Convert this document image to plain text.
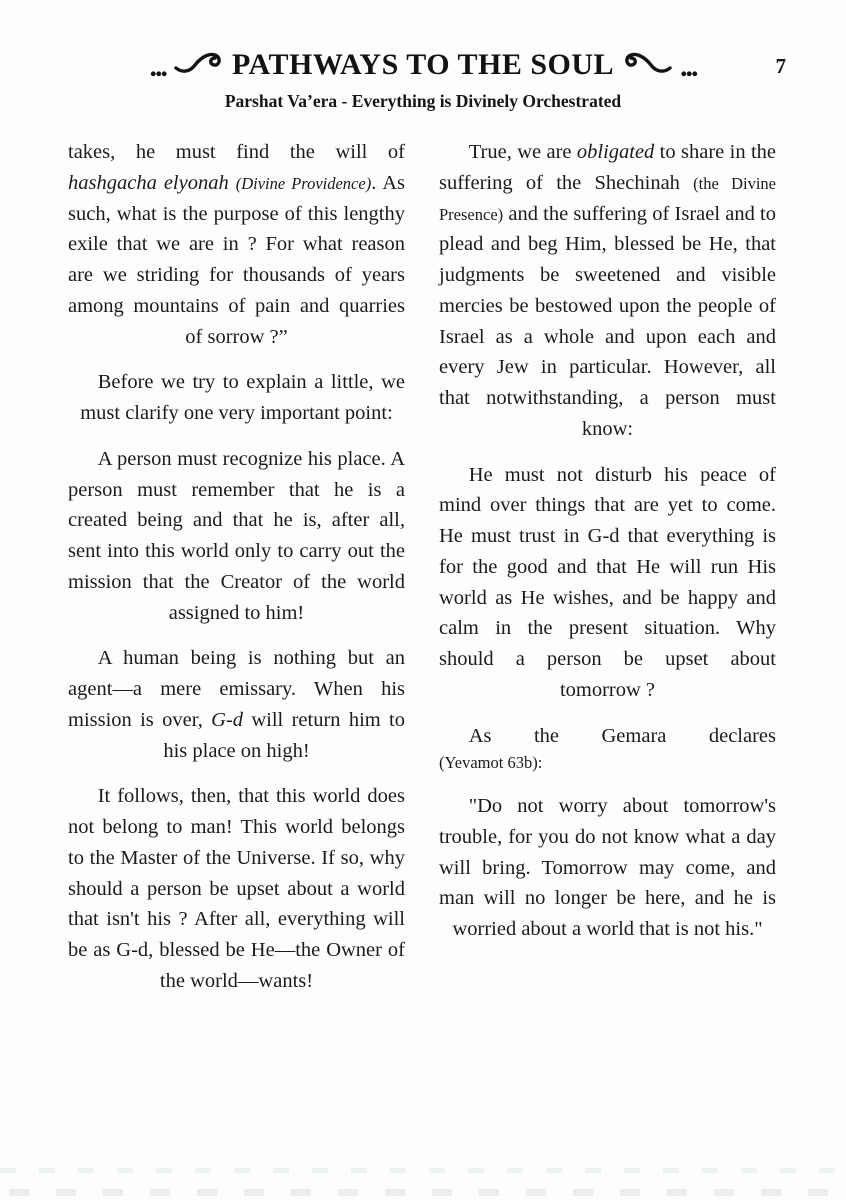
... PATHWAYS TO THE SOUL ...
Parshat Va’era - Everything is Divinely Orchestrated
7

takes, he must find the will of hashgacha elyonah (Divine Providence). As such, what is the purpose of this lengthy exile that we are in ? For what reason are we striding for thousands of years among mountains of pain and quarries of sorrow ?”

Before we try to explain a little, we must clarify one very important point:

A person must recognize his place. A person must remember that he is a created being and that he is, after all, sent into this world only to carry out the mission that the Creator of the world assigned to him!

A human being is nothing but an agent—a mere emissary. When his mission is over, G-d will return him to his place on high!

It follows, then, that this world does not belong to man! This world belongs to the Master of the Universe. If so, why should a person be upset about a world that isn't his ? After all, everything will be as G-d, blessed be He—the Owner of the world—wants!

True, we are obligated to share in the suffering of the Shechinah (the Divine Presence) and the suffering of Israel and to plead and beg Him, blessed be He, that judgments be sweetened and visible mercies be bestowed upon the people of Israel as a whole and upon each and every Jew in particular. However, all that notwithstanding, a person must know:

He must not disturb his peace of mind over things that are yet to come. He must trust in G-d that everything is for the good and that He will run His world as He wishes, and be happy and calm in the present situation. Why should a person be upset about tomorrow ?

As the Gemara declares
(Yevamot 63b):

"Do not worry about tomorrow's trouble, for you do not know what a day will bring. Tomorrow may come, and man will no longer be here, and he is worried about a world that is not his."
